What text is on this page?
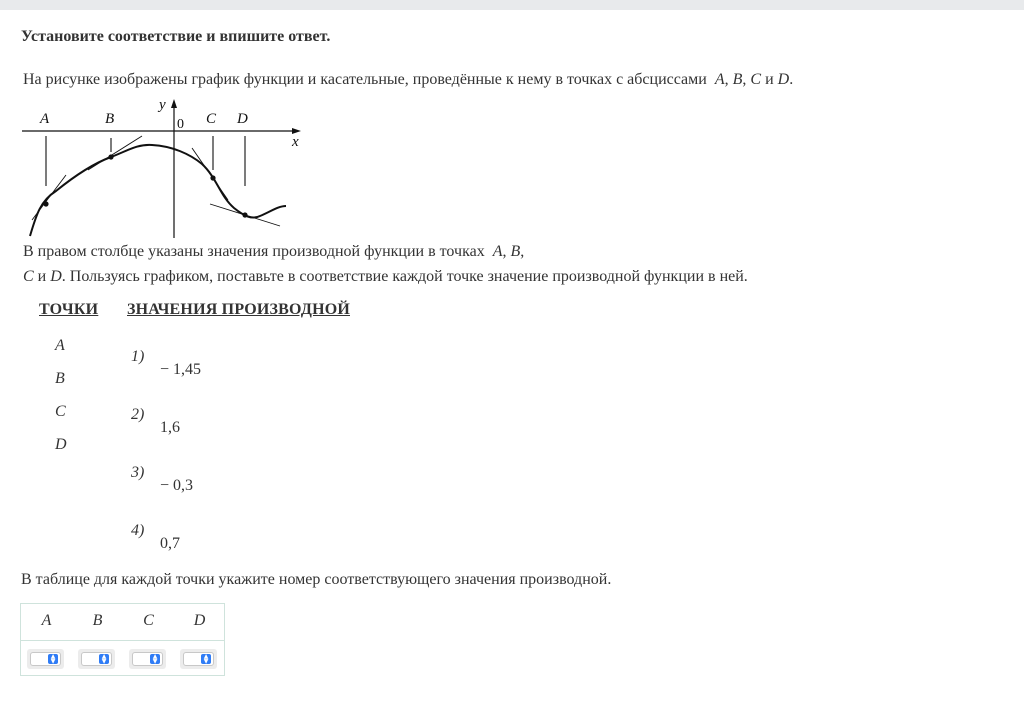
Установите соответствие и впишите ответ.
На рисунке изображены график функции и касательные, проведённые к нему в точках с абсциссами A, B, C и D.
A	B	0 C D
x
y
В правом столбце указаны значения производной функции в точках A, B,
C и D. Пользуясь графиком, поставьте в соответствие каждой точке значение производной функции в ней.
ТОЧКИ ЗНАЧЕНИЯ ПРОИЗВОДНОЙ
A
B
C
D
1)
− 1,45
2)
1,6
3)
− 0,3
4)
0,7
В таблице для каждой точки укажите номер соответствующего значения производной.
A	B	C	D
▲
▼
▲
▼
▲
▼
▲
▼
